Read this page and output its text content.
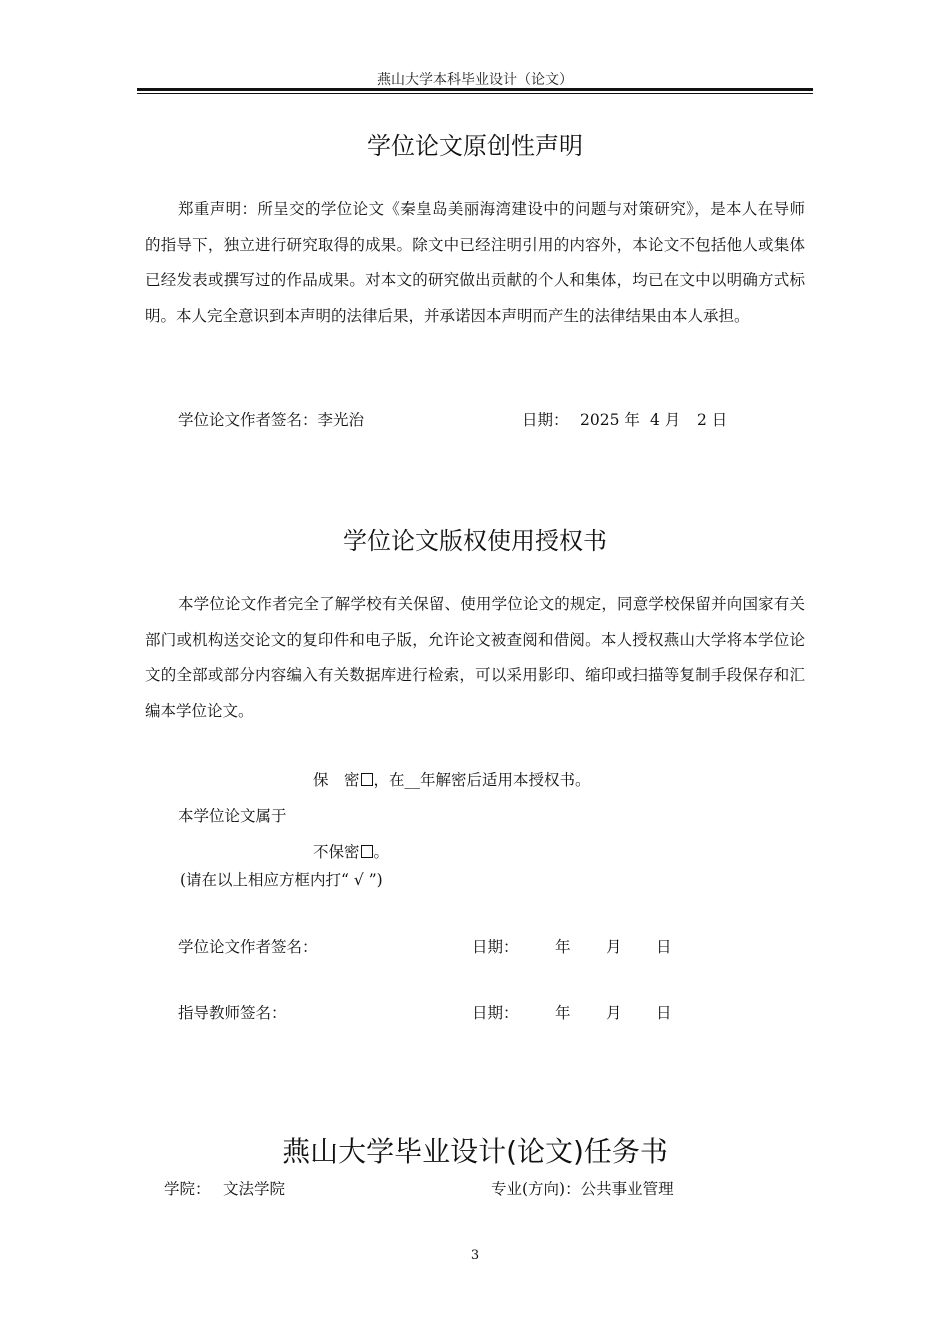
燕山大学本科毕业设计（论文）
学位论文原创性声明
郑重声明：所呈交的学位论文《秦皇岛美丽海湾建设中的问题与对策研究》，是本人在导师的指导下，独立进行研究取得的成果。除文中已经注明引用的内容外，本论文不包括他人或集体已经发表或撰写过的作品成果。对本文的研究做出贡献的个人和集体，均已在文中以明确方式标明。本人完全意识到本声明的法律后果，并承诺因本声明而产生的法律结果由本人承担。
学位论文作者签名：李光治	日期： 2025 年 4 月 2 日
学位论文版权使用授权书
本学位论文作者完全了解学校有关保留、使用学位论文的规定，同意学校保留并向国家有关部门或机构送交论文的复印件和电子版，允许论文被查阅和借阅。本人授权燕山大学将本学位论文的全部或部分内容编入有关数据库进行检索，可以采用影印、缩印或扫描等复制手段保存和汇编本学位论文。
保　密 ，在__年解密后适用本授权书。
本学位论文属于
不保密 。
(请在以上相应方框内打“ √ ”)
学位论文作者签名：	日期： 年 月 日
指导教师签名：	日期： 年 月 日
燕山大学毕业设计(论文)任务书
学院： 文法学院	专业(方向)：公共事业管理
3
